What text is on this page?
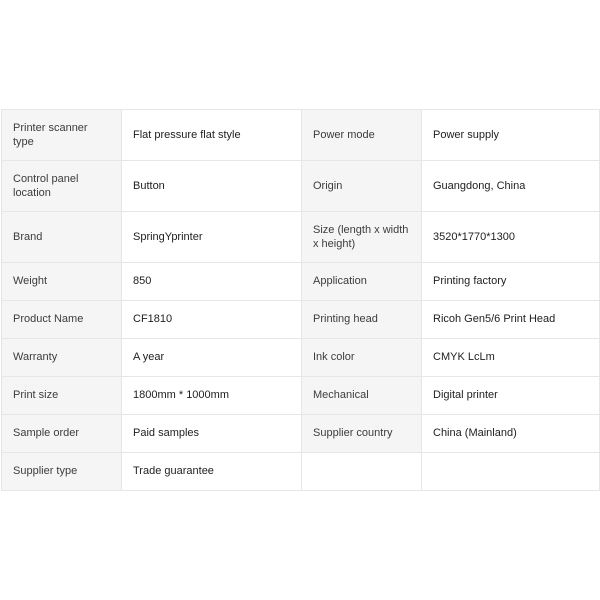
Printer scanner type	Flat pressure flat style	Power mode	Power supply
Control panel location	Button	Origin	Guangdong, China
Brand	SpringYprinter	Size (length x width x height)	3520*1770*1300
Weight	850	Application	Printing factory
Product Name	CF1810	Printing head	Ricoh Gen5/6 Print Head
Warranty	A year	Ink color	CMYK LcLm
Print size	1800mm * 1000mm	Mechanical	Digital printer
Sample order	Paid samples	Supplier country	China (Mainland)
Supplier type	Trade guarantee		
